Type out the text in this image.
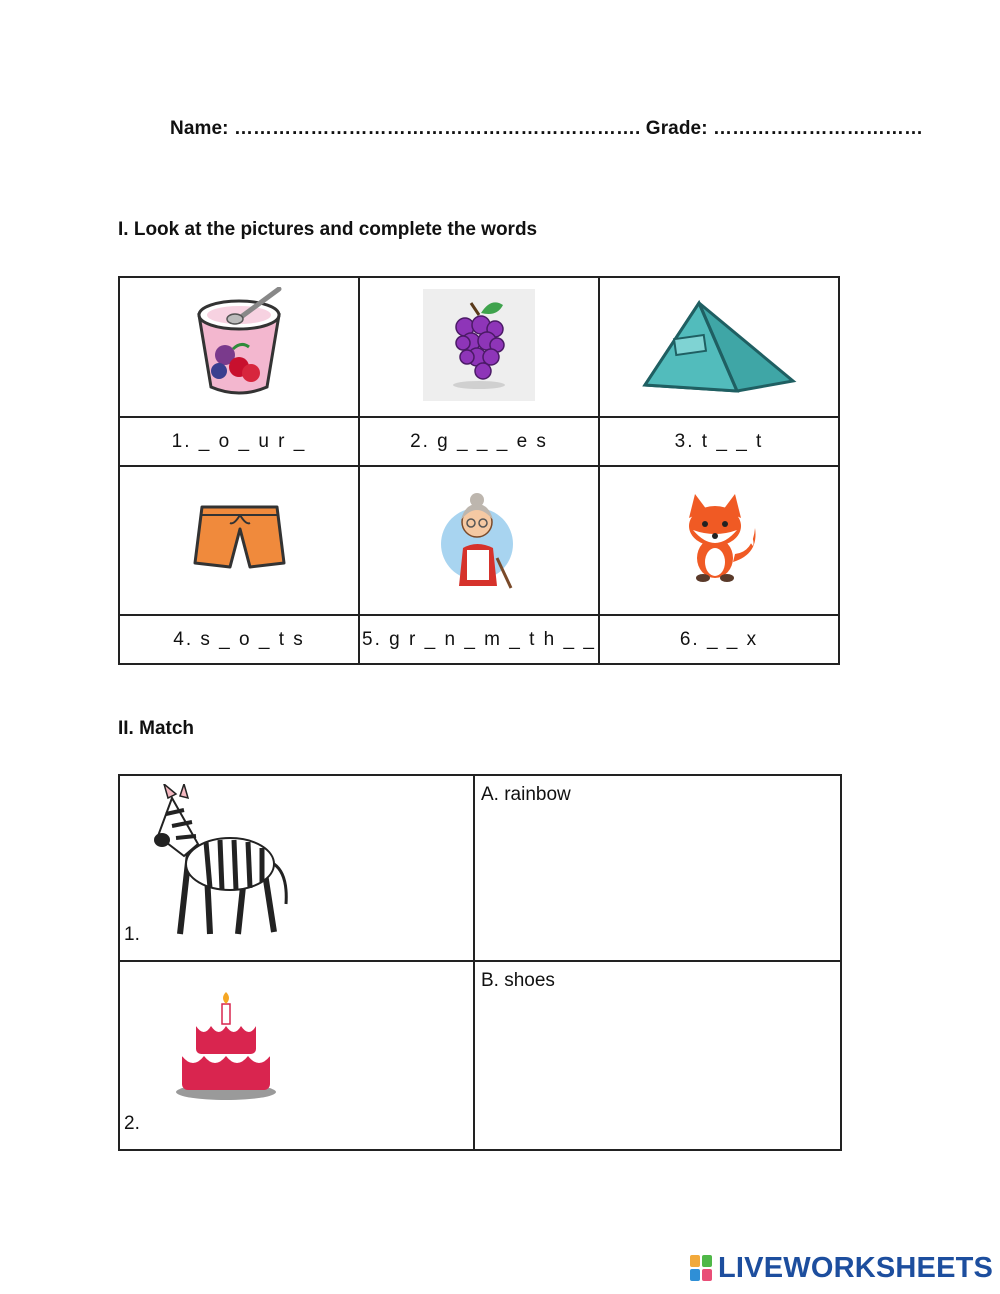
Name: ………………………………………………………. Grade: ……………………………
I. Look at the pictures and complete the words

1. _ o _ u r _	2. g _ _ _ e s	3. t _ _ t

4. s _ o _ t s	5. g r _ n _ m _ t h _ _	6. _ _ x
II. Match
1.	A. rainbow

2.	B. shoes
LIVEWORKSHEETS
